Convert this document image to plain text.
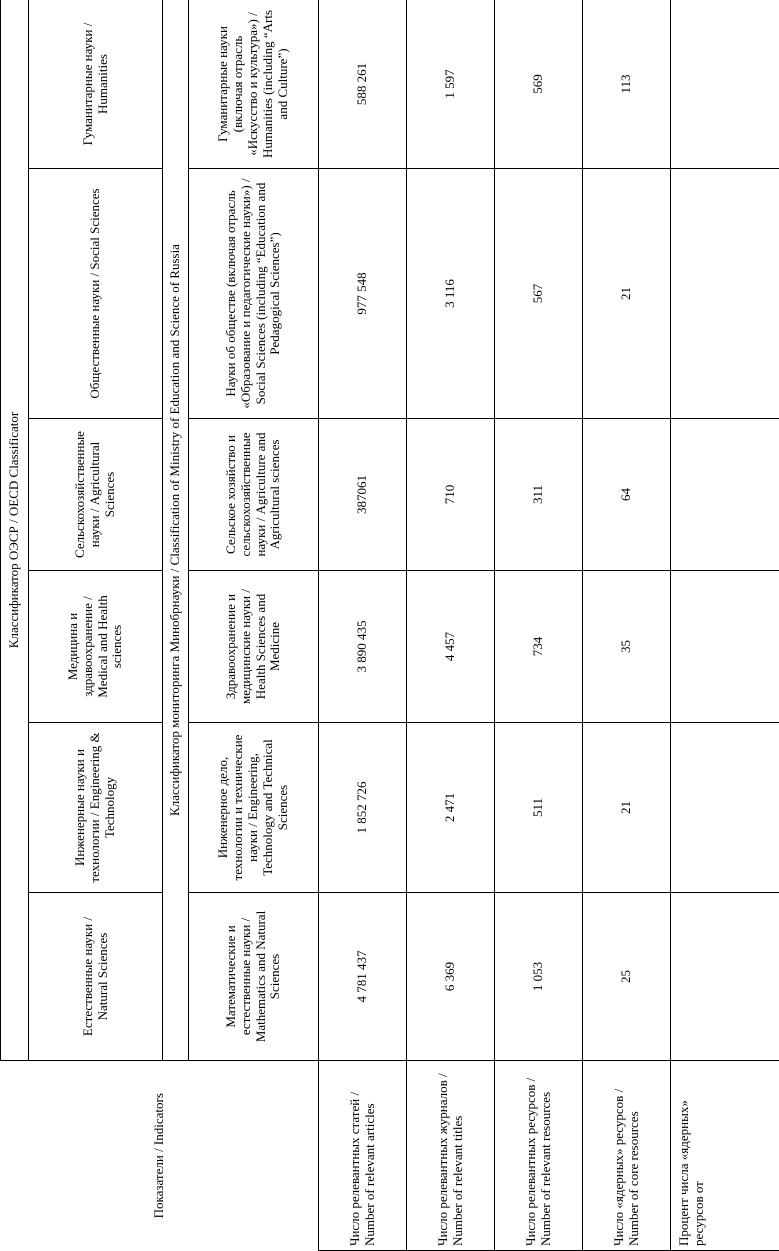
Показатели / Indicators	Классификатор ОЭСР / OECD Classificator					
	Естественные науки / Natural Sciences	Инженерные науки и технологии / Engineering & Technology	Медицина и здравоохранение / Medical and Health sciences	Сельскохозяйственные науки / Agricultural Sciences	Общественные науки / Social Sciences	Гуманитарные науки / Humanities
	Классификатор мониторинга Минобрнауки / Classification of Ministry of Education and Science of Russia					
	Математические и естественные науки / Mathematics and Natural Sciences	Инженерное дело, технологии и технические науки / Engineering, Technology and Technical Sciences	Здравоохранение и медицинские науки / Health Sciences and Medicine	Сельское хозяйство и сельскохозяйственные науки / Agriculture and Agricultural sciences	Науки об обществе (включая отрасль «Образование и педагогические науки») / Social Sciences (including “Education and Pedagogical Sciences”)	Гуманитарные науки (включая отрасль «Искусство и культура») / Humanities (including “Arts and Culture”)
Число релевантных статей / Number of relevant articles	4 781 437	1 852 726	3 890 435	387061	977 548	588 261
Число релевантных журналов / Number of relevant titles	6 369	2 471	4 457	710	3 116	1 597
Число релевантных ресурсов / Number of relevant resources	1 053	511	734	311	567	569
Число «ядерных» ресурсов / Number of core resources	25	21	35	64	21	113
Процент числа «ядерных» ресурсов от						
